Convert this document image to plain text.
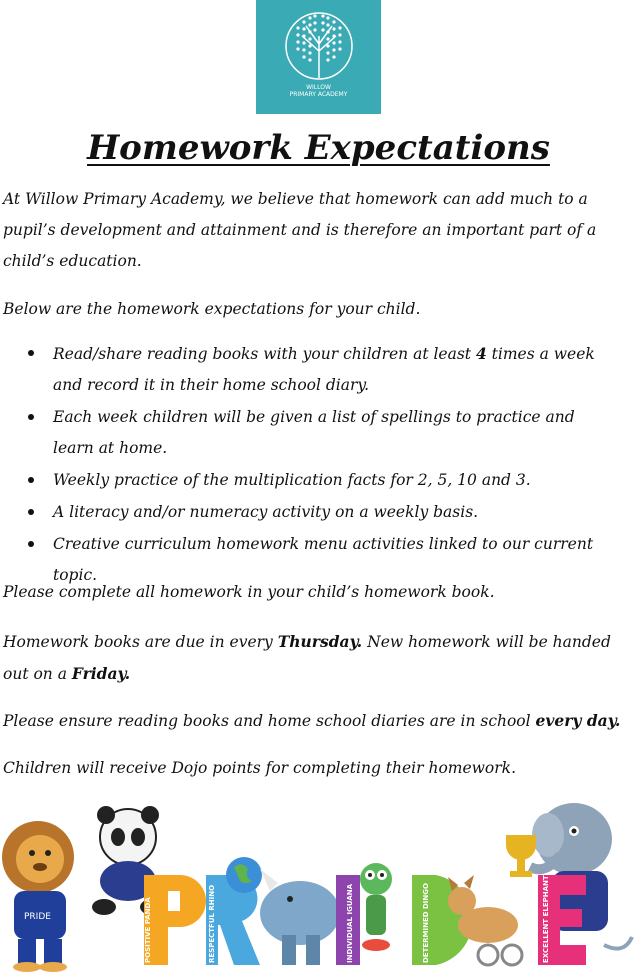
WILLOW
PRIMARY ACADEMY
Homework Expectations

At Willow Primary Academy, we believe that homework can add much to a pupil’s development and attainment and is therefore an important part of a child’s education.

Below are the homework expectations for your child.

Read/share reading books with your children at least 4 times a week and record it in their home school diary.
Each week children will be given a list of spellings to practice and learn at home.
Weekly practice of the multiplication facts for 2, 5, 10 and 3.
A literacy and/or numeracy activity on a weekly basis.
Creative curriculum homework menu activities linked to our current topic.

Please complete all homework in your child’s homework book.

Homework books are due in every Thursday. New homework will be handed out on a Friday.

Please ensure reading books and home school diaries are in school every day.

Children will receive Dojo points for completing their homework.

PRIDE	POSITIVE PANDA	RESPECTFUL RHINO	INDIVIDUAL IGUANA	DETERMINED DINGO	EXCELLENT ELEPHANT
